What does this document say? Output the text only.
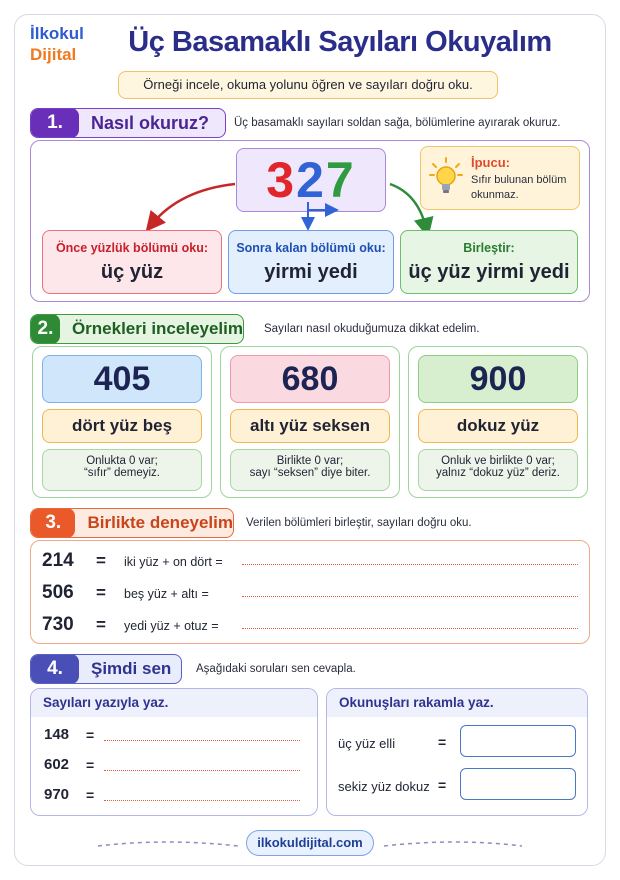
İlkokul
Dijital	Üç Basamaklı Sayıları Okuyalım
Örneği incele, okuma yolunu öğren ve sayıları doğru oku.
1.	Nasıl okuruz? Üç basamaklı sayıları soldan sağa, bölümlerine ayırarak okuruz.
327	İpucu:
Sıfır bulunan bölüm
okunmaz.
Önce yüzlük bölümü oku:
üç yüz
Sonra kalan bölümü oku:
yirmi yedi
Birleştir:
üç yüz yirmi yedi
2.	Örnekleri inceleyelim Sayıları nasıl okuduğumuza dikkat edelim.
405
dört yüz beş
Onlukta 0 var;
“sıfır” demeyiz.
680
altı yüz seksen
Birlikte 0 var;
sayı “seksen” diye biter.
900
dokuz yüz
Onluk ve birlikte 0 var;
yalnız “dokuz yüz” deriz.
3.	Birlikte deneyelim Verilen bölümleri birleştir, sayıları doğru oku.
214 = iki yüz + on dört =
506 = beş yüz + altı =
730 = yedi yüz + otuz =
4.	Şimdi sen Aşağıdaki soruları sen cevapla.
Sayıları yazıyla yaz.
148 =
602 =
970 =
Okunuşları rakamla yaz.
üç yüz elli	=
sekiz yüz dokuz =
ilkokuldijital.com
